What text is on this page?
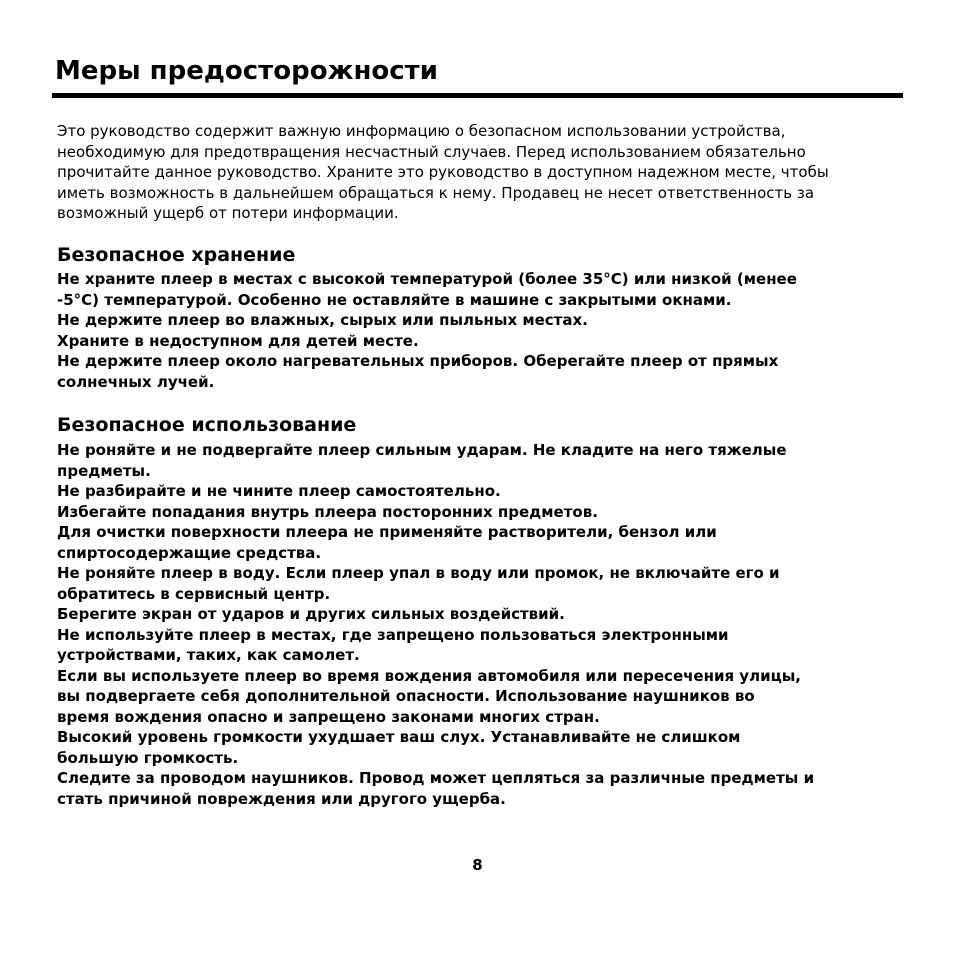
Меры предосторожности
Это руководство содержит важную информацию о безопасном использовании устройства,
необходимую для предотвращения несчастный случаев. Перед использованием обязательно
прочитайте данное руководство. Храните это руководство в доступном надежном месте, чтобы
иметь возможность в дальнейшем обращаться к нему. Продавец не несет ответственность за
возможный ущерб от потери информации.
Безопасное хранение
Не храните плеер в местах с высокой температурой (более 35°C) или низкой (менее
-5°C) температурой. Особенно не оставляйте в машине с закрытыми окнами.
Не держите плеер во влажных, сырых или пыльных местах.
Храните в недоступном для детей месте.
Не держите плеер около нагревательных приборов. Оберегайте плеер от прямых
солнечных лучей.
Безопасное использование
Не роняйте и не подвергайте плеер сильным ударам. Не кладите на него тяжелые
предметы.
Не разбирайте и не чините плеер самостоятельно.
Избегайте попадания внутрь плеера посторонних предметов.
Для очистки поверхности плеера не применяйте растворители, бензол или
спиртосодержащие средства.
Не роняйте плеер в воду. Если плеер упал в воду или промок, не включайте его и
обратитесь в сервисный центр.
Берегите экран от ударов и других сильных воздействий.
Не используйте плеер в местах, где запрещено пользоваться электронными
устройствами, таких, как самолет.
Если вы используете плеер во время вождения автомобиля или пересечения улицы,
вы подвергаете себя дополнительной опасности. Использование наушников во
время вождения опасно и запрещено законами многих стран.
Высокий уровень громкости ухудшает ваш слух. Устанавливайте не слишком
большую громкость.
Следите за проводом наушников. Провод может цепляться за различные предметы и
стать причиной повреждения или другого ущерба.
8
